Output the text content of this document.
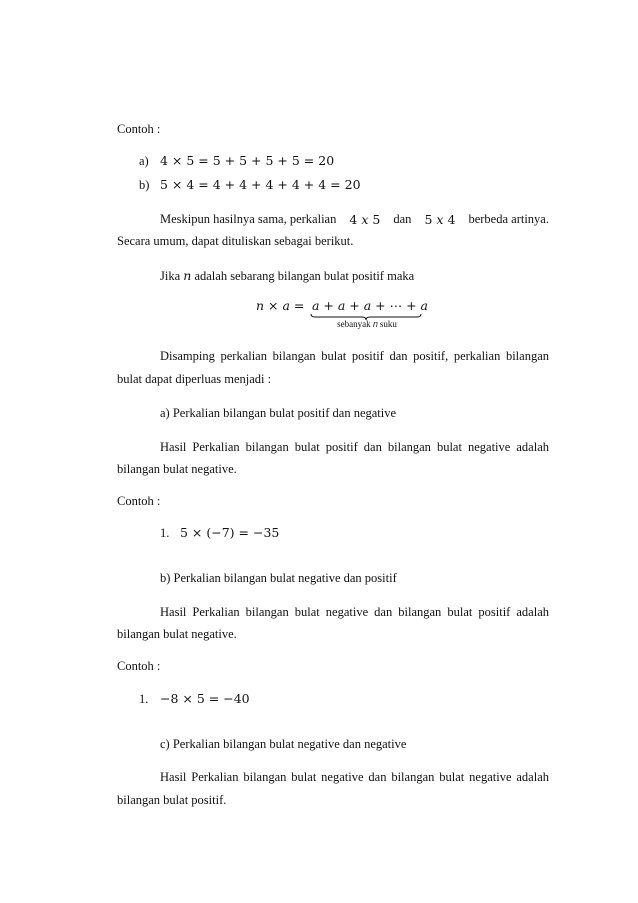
Contoh :
a) 4 × 5 = 5 + 5 + 5 + 5 = 20
b) 5 × 4 = 4 + 4 + 4 + 4 + 4 = 20
Meskipun hasilnya sama, perkalian 4 𝑥 5 dan 5 𝑥 4 berbeda artinya.
Secara umum, dapat dituliskan sebagai berikut.
Jika 𝑛 adalah sebarang bilangan bulat positif maka
𝑛 × 𝑎 = 𝑎 + 𝑎 + 𝑎 + ⋯ + 𝑎
sebanyak 𝑛 suku
Disamping perkalian bilangan bulat positif dan positif, perkalian bilangan
bulat dapat diperluas menjadi :
a) Perkalian bilangan bulat positif dan negative
Hasil Perkalian bilangan bulat positif dan bilangan bulat negative adalah
bilangan bulat negative.
Contoh :
1. 5 × (−7) = −35
b) Perkalian bilangan bulat negative dan positif
Hasil Perkalian bilangan bulat negative dan bilangan bulat positif adalah
bilangan bulat negative.
Contoh :
1. −8 × 5 = −40
c) Perkalian bilangan bulat negative dan negative
Hasil Perkalian bilangan bulat negative dan bilangan bulat negative adalah
bilangan bulat positif.
